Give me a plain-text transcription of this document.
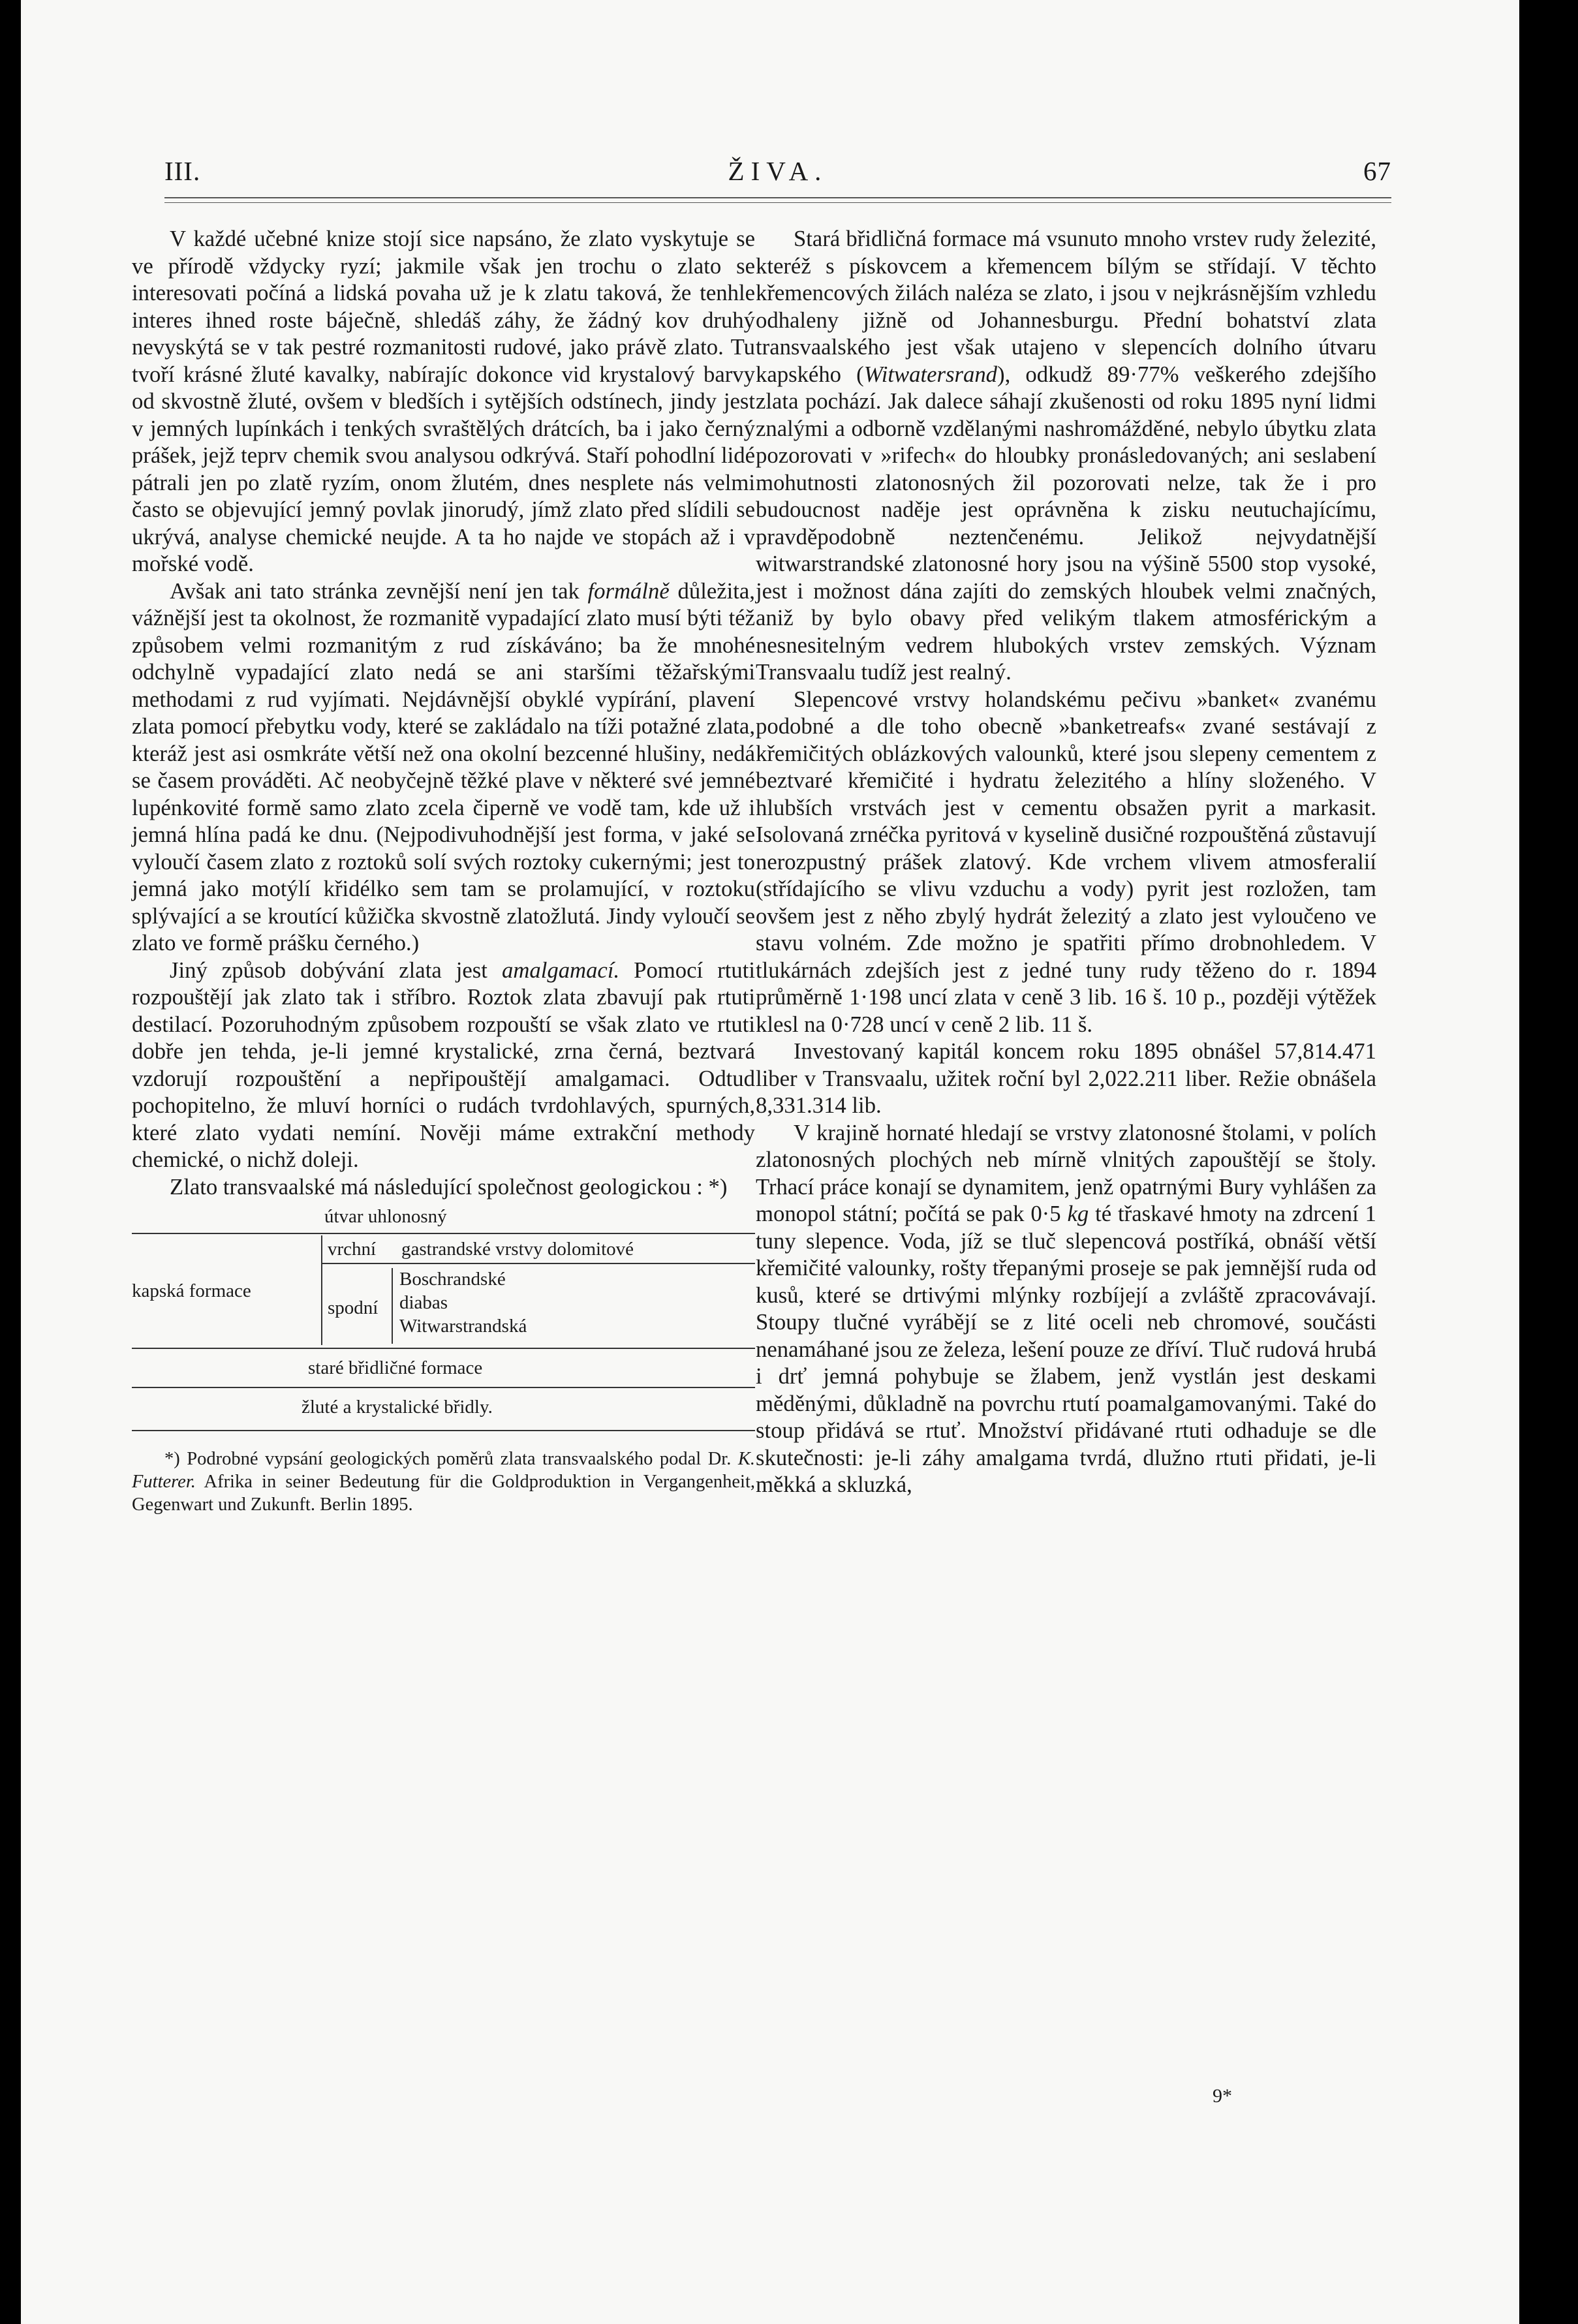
III.	ŽIVA.	67

V každé učebné knize stojí sice napsáno, že zlato vyskytuje se ve přírodě vždycky ryzí; jakmile však jen trochu o zlato se interesovati počíná a lidská povaha už je k zlatu taková, že tenhle interes ihned roste báječně, shledáš záhy, že žádný kov druhý nevyskýtá se v tak pestré rozmanitosti rudové, jako právě zlato. Tu tvoří krásné žluté kavalky, nabírajíc dokonce vid krystalový barvy od skvostně žluté, ovšem v bledších i sytějších odstínech, jindy jest v jemných lupínkách i tenkých svraštělých drátcích, ba i jako černý prášek, jejž teprv chemik svou analysou odkrývá. Staří pohodlní lidé pátrali jen po zlatě ryzím, onom žlutém, dnes nesplete nás velmi často se objevující jemný povlak jinorudý, jímž zlato před slídili se ukrývá, analyse chemické neujde. A ta ho najde ve stopách až i v mořské vodě.

Avšak ani tato stránka zevnější není jen tak formálně důležita, vážnější jest ta okolnost, že rozmanitě vypadající zlato musí býti též způsobem velmi rozmanitým z rud získáváno; ba že mnohé odchylně vypadající zlato nedá se ani staršími těžařskými methodami z rud vyjímati. Nejdávnější obyklé vypírání, plavení zlata pomocí přebytku vody, které se zakládalo na tíži potažné zlata, kteráž jest asi osmkráte větší než ona okolní bezcenné hlušiny, nedá se časem prováděti. Ač neobyčejně těžké plave v některé své jemné lupénkovité formě samo zlato zcela čiperně ve vodě tam, kde už i jemná hlína padá ke dnu. (Nejpodivuhodnější jest forma, v jaké se vyloučí časem zlato z roztoků solí svých roztoky cukernými; jest to jemná jako motýlí křidélko sem tam se prolamující, v roztoku splývající a se kroutící kůžička skvostně zlatožlutá. Jindy vyloučí se zlato ve formě prášku černého.)

Jiný způsob dobývání zlata jest amalgamací. Pomocí rtuti rozpouštějí jak zlato tak i stříbro. Roztok zlata zbavují pak rtuti destilací. Pozoruhodným způsobem rozpouští se však zlato ve rtuti dobře jen tehda, je-li jemné krystalické, zrna černá, beztvará vzdorují rozpouštění a nepřipouštějí amalgamaci. Odtud pochopitelno, že mluví horníci o rudách tvrdohlavých, spurných, které zlato vydati nemíní. Nověji máme extrakční methody chemické, o nichž doleji.

Zlato transvaalské má následující společnost geologickou : *)

útvar uhlonosný
kapská formace
vrchní gastrandské vrstvy dolomitové
spodní
Boschrandské
diabas
Witwarstrandská
staré břidličné formace
žluté a krystalické břidly.

*) Podrobné vypsání geologických poměrů zlata transvaalského podal Dr. K. Futterer. Afrika in seiner Bedeutung für die Goldproduktion in Vergangenheit, Gegenwart und Zukunft. Berlin 1895.

Stará břidličná formace má vsunuto mnoho vrstev rudy železité, kteréž s pískovcem a křemencem bílým se střídají. V těchto křemencových žilách naléza se zlato, i jsou v nejkrásnějším vzhledu odhaleny jižně od Johannesburgu. Přední bohatství zlata transvaalského jest však utajeno v slepencích dolního útvaru kapského (Witwatersrand), odkudž 89·77% veškerého zdejšího zlata pochází. Jak dalece sáhají zkušenosti od roku 1895 nyní lidmi znalými a odborně vzdělanými nashromážděné, nebylo úbytku zlata pozorovati v »rifech« do hloubky pronásledovaných; ani seslabení mohutnosti zlatonosných žil pozorovati nelze, tak že i pro budoucnost naděje jest oprávněna k zisku neutuchajícímu, pravděpodobně neztenčenému. Jelikož nejvydatnější witwarstrandské zlatonosné hory jsou na výšině 5500 stop vysoké, jest i možnost dána zajíti do zemských hloubek velmi značných, aniž by bylo obavy před velikým tlakem atmosférickým a nesnesitelným vedrem hlubokých vrstev zemských. Význam Transvaalu tudíž jest realný.

Slepencové vrstvy holandskému pečivu »banket« zvanému podobné a dle toho obecně »banketreafs« zvané sestávají z křemičitých oblázkových valounků, které jsou slepeny cementem z beztvaré křemičité i hydratu železitého a hlíny složeného. V hlubších vrstvách jest v cementu obsažen pyrit a markasit. Isolovaná zrnéčka pyritová v kyselině dusičné rozpouštěná zůstavují nerozpustný prášek zlatový. Kde vrchem vlivem atmosferalií (střídajícího se vlivu vzduchu a vody) pyrit jest rozložen, tam ovšem jest z něho zbylý hydrát železitý a zlato jest vyloučeno ve stavu volném. Zde možno je spatřiti přímo drobnohledem. V tlukárnách zdejších jest z jedné tuny rudy těženo do r. 1894 průměrně 1·198 uncí zlata v ceně 3 lib. 16 š. 10 p., později výtěžek klesl na 0·728 uncí v ceně 2 lib. 11 š.

Investovaný kapitál koncem roku 1895 obnášel 57,814.471 liber v Transvaalu, užitek roční byl 2,022.211 liber. Režie obnášela 8,331.314 lib.

V krajině hornaté hledají se vrstvy zlatonosné štolami, v polích zlatonosných plochých neb mírně vlnitých zapouštějí se štoly. Trhací práce konají se dynamitem, jenž opatrnými Bury vyhlášen za monopol státní; počítá se pak 0·5 kg té třaskavé hmoty na zdrcení 1 tuny slepence. Voda, jíž se tluč slepencová postříká, obnáší větší křemičité valounky, rošty třepanými proseje se pak jemnější ruda od kusů, které se drtivými mlýnky rozbíjejí a zvláště zpracovávají. Stoupy tlučné vyrábějí se z lité oceli neb chromové, součásti nenamáhané jsou ze železa, lešení pouze ze dříví. Tluč rudová hrubá i drť jemná pohybuje se žlabem, jenž vystlán jest deskami měděnými, důkladně na povrchu rtutí poamalgamovanými. Také do stoup přidává se rtuť. Množství přidávané rtuti odhaduje se dle skutečnosti: je-li záhy amalgama tvrdá, dlužno rtuti přidati, je-li měkká a skluzká,

9*
